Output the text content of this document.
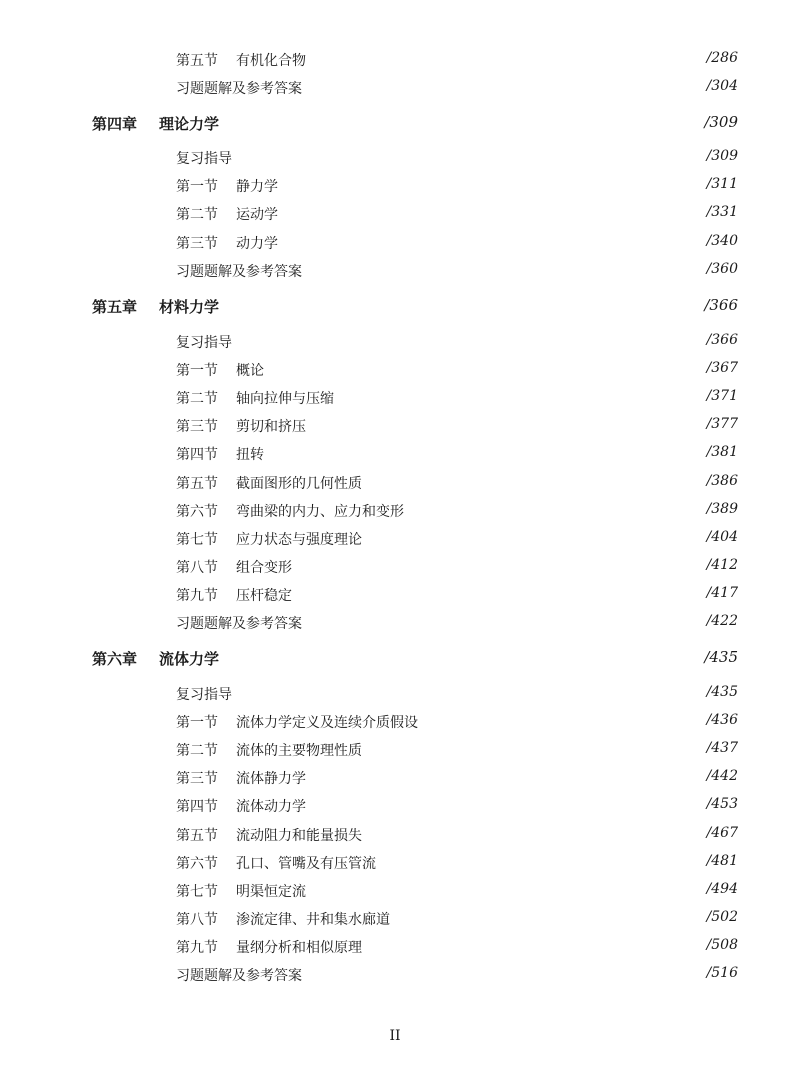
第五节 有机化合物	/286
习题题解及参考答案	/304
第四章 理论力学	/309
复习指导	/309
第一节 静力学	/311
第二节 运动学	/331
第三节 动力学	/340
习题题解及参考答案	/360
第五章 材料力学	/366
复习指导	/366
第一节 概论	/367
第二节 轴向拉伸与压缩	/371
第三节 剪切和挤压	/377
第四节 扭转	/381
第五节 截面图形的几何性质	/386
第六节 弯曲梁的内力、应力和变形	/389
第七节 应力状态与强度理论	/404
第八节 组合变形	/412
第九节 压杆稳定	/417
习题题解及参考答案	/422
第六章 流体力学	/435
复习指导	/435
第一节 流体力学定义及连续介质假设	/436
第二节 流体的主要物理性质	/437
第三节 流体静力学	/442
第四节 流体动力学	/453
第五节 流动阻力和能量损失	/467
第六节 孔口、管嘴及有压管流	/481
第七节 明渠恒定流	/494
第八节 渗流定律、井和集水廊道	/502
第九节 量纲分析和相似原理	/508
习题题解及参考答案	/516
II
